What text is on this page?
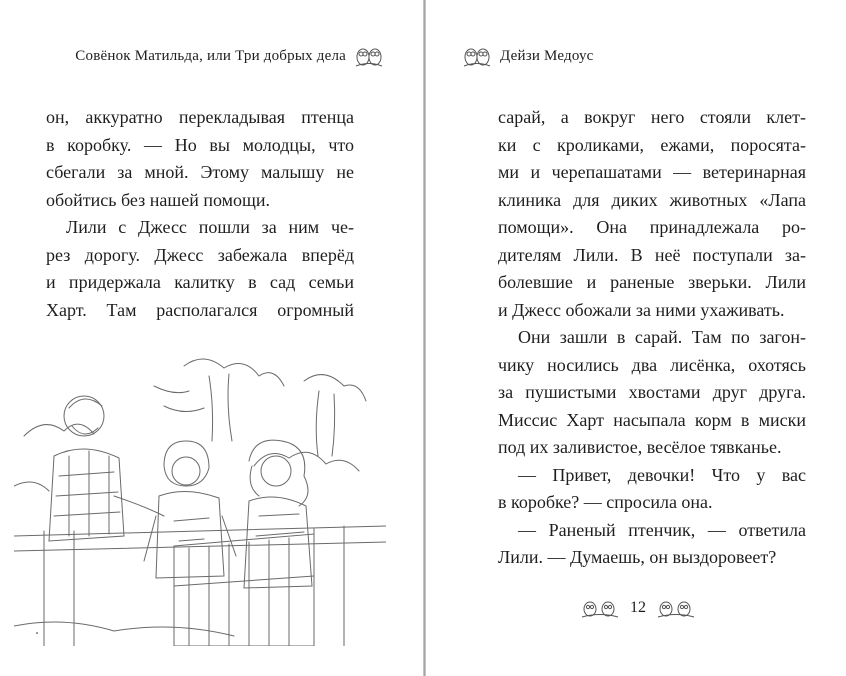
Совёнок Матильда, или Три добрых дела
он, аккуратно перекладывая птенца
в коробку. — Но вы молодцы, что
сбегали за мной. Этому малышу не
обойтись без нашей помощи.
Лили с Джесс пошли за ним че-
рез дорогу. Джесс забежала вперёд
и придержала калитку в сад семьи
Харт. Там располагался огромный
Дейзи Медоус
сарай, а вокруг него стояли клет-
ки с кроликами, ежами, поросята-
ми и черепашатами — ветеринарная
клиника для диких животных «Лапа
помощи». Она принадлежала ро-
дителям Лили. В неё поступали за-
болевшие и раненые зверьки. Лили
и Джесс обожали за ними ухаживать.
Они зашли в сарай. Там по загон-
чику носились два лисёнка, охотясь
за пушистыми хвостами друг друга.
Миссис Харт насыпала корм в миски
под их заливистое, весёлое тявканье.
— Привет, девочки! Что у вас
в коробке? — спросила она.
— Раненый птенчик, — ответила
Лили. — Думаешь, он выздоровеет?
12
